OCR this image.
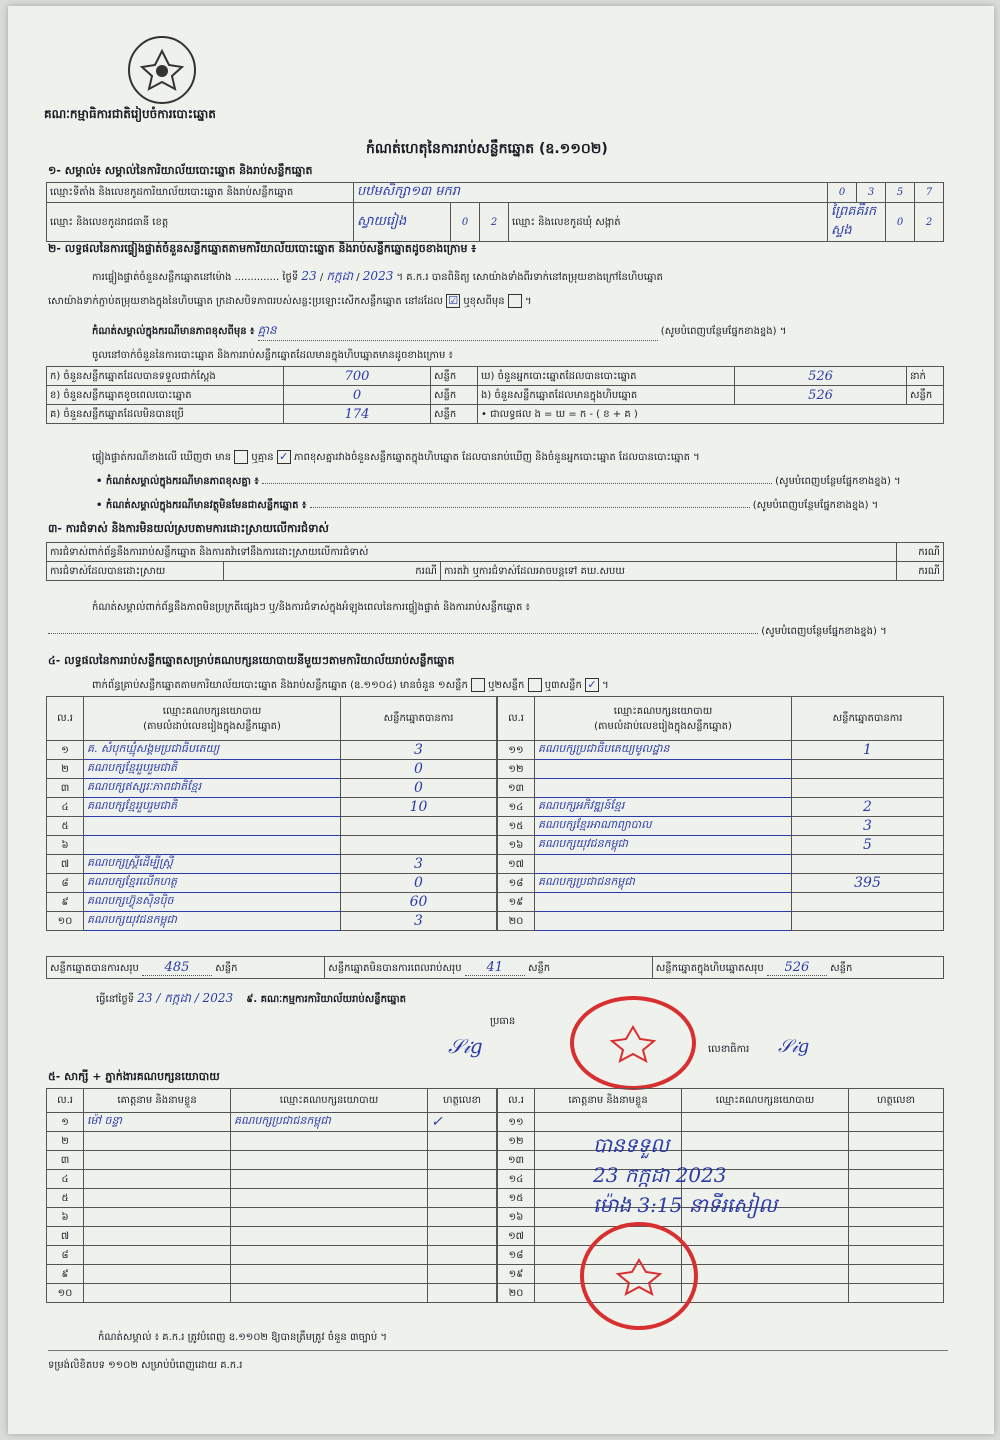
គណៈកម្មាធិការជាតិរៀបចំការបោះឆ្នោត
កំណត់ហេតុនៃការរាប់សន្លឹកឆ្នោត (ឧ.១១០២)
១- សម្គាល់៖ សម្គាល់នៃការិយាល័យបោះឆ្នោត និងរាប់សន្លឹកឆ្នោត
ឈ្មោះទីតាំង និងលេខកូដការិយាល័យបោះឆ្នោត និងរាប់សន្លឹកឆ្នោត	បឋមសិក្សា១៣ មករា				0	3	5	7
ឈ្មោះ និងលេខកូដរាជធានី ខេត្ត	ស្វាយរៀង	0	2	ឈ្មោះ និងលេខកូដឃុំ សង្កាត់	ព្រៃគគីរកស្ទង		0	2
២- លទ្ធផលនៃការផ្ទៀងផ្ទាត់ចំនួនសន្លឹកឆ្នោតតាមការិយាល័យបោះឆ្នោត និងរាប់សន្លឹកឆ្នោតដូចខាងក្រោម ៖
ការផ្ទៀងផ្ទាត់ចំនួនសន្លឹកឆ្នោតនៅម៉ោង .............. ថ្ងៃទី 23 / កក្កដា / 2023 ។ គ.ក.រ បានពិនិត្យ សោយ៉ាងទាំងពីរទាក់នៅតម្រុយខាងក្រៅនៃហិបឆ្នោត
សោយ៉ាងទាក់ភ្ជាប់តម្រុយខាងក្នុងនៃហិបឆ្នោត ក្រដាសបិទភាពរបស់សន្លះប្រឡោះសើកសន្លឹកឆ្នោត នៅដដែល ☑ ឬខុសពីមុន  ។
កំណត់សម្គាល់ក្នុងករណីមានភាពខុសពីមុន ៖ គ្មាន	(សូមបំពេញបន្ថែមផ្នែកខាងខ្នង) ។
ចូលនៅចាក់ចំនួននៃការបោះឆ្នោត និងការរាប់សន្លឹកឆ្នោតដែលមានក្នុងហិបឆ្នោតមានដូចខាងក្រោម ៖
ក) ចំនួនសន្លឹកឆ្នោតដែលបានទទួលជាក់ស្តែង	700	សន្លឹក	ឃ) ចំនួនអ្នកបោះឆ្នោតដែលបានបោះឆ្នោត	526	នាក់
ខ) ចំនួនសន្លឹកឆ្នោតខូចពេលបោះឆ្នោត	0	សន្លឹក	ង) ចំនួនសន្លឹកឆ្នោតដែលមានក្នុងហិបឆ្នោត	526	សន្លឹក
គ) ចំនួនសន្លឹកឆ្នោតដែលមិនបានប្រើ	174	សន្លឹក	• ជាលទ្ធផល ង = ឃ = ក - ( ខ + គ )		
ផ្ទៀងផ្ទាត់ករណីខាងលើ ឃើញថា មាន ឬគ្មាន ✓ ភាពខុសគ្នារវាងចំនួនសន្លឹកឆ្នោតក្នុងហិបឆ្នោត ដែលបានរាប់ឃើញ និងចំនួនអ្នកបោះឆ្នោត ដែលបានបោះឆ្នោត ។
• កំណត់សម្គាល់ក្នុងករណីមានភាពខុសគ្នា ៖	(សូមបំពេញបន្ថែមផ្នែកខាងខ្នង) ។
• កំណត់សម្គាល់ក្នុងករណីមានវត្ថុមិនមែនជាសន្លឹកឆ្នោត ៖	(សូមបំពេញបន្ថែមផ្នែកខាងខ្នង) ។
៣- ការជំទាស់ និងការមិនយល់ស្របតាមការដោះស្រាយលើការជំទាស់
ការជំទាស់ពាក់ព័ន្ធនឹងការរាប់សន្លឹកឆ្នោត និងការតវ៉ាទៅនឹងការដោះស្រាយលើការជំទាស់			ករណី
ការជំទាស់ដែលបានដោះស្រាយ	ករណី	ការតវ៉ា ឬការជំទាស់ដែលអាចបន្តទៅ គឃ.សបឃ	ករណី
កំណត់សម្គាល់ពាក់ព័ន្ធនឹងភាពមិនប្រក្រតីផ្សេងៗ ឬ/និងការជំទាស់ក្នុងអំឡុងពេលនៃការផ្ទៀងផ្ទាត់ និងការរាប់សន្លឹកឆ្នោត ៖
(សូមបំពេញបន្ថែមផ្នែកខាងខ្នង) ។
៤- លទ្ធផលនៃការរាប់សន្លឹកឆ្នោតសម្រាប់គណបក្សនយោបាយនីមួយៗតាមការិយាល័យរាប់សន្លឹកឆ្នោត
ពាក់ព័ន្ធគ្រាប់សន្លឹកឆ្នោតតាមការិយាល័យបោះឆ្នោត និងរាប់សន្លឹកឆ្នោត (ឧ.១១០៤) មានចំនួន ១សន្លឹក ឬ២សន្លឹក ឬ៣សន្លឹក ✓ ។
ល.រ	ឈ្មោះគណបក្សនយោបាយ
(តាមលំដាប់លេខរៀងក្នុងសន្លឹកឆ្នោត)	សន្លឹកឆ្នោតបានការ
១	គ. សំបុកឃ្មុំសង្គមប្រជាធិបតេយ្យ	3
២	គណបក្សខ្មែររួបរួមជាតិ	0
៣	គណបក្សឥស្សរៈភាពជាតិខ្មែរ	0
៤	គណបក្សខ្មែររួបរួមជាតិ	10
៥		
៦		
៧	គណបក្សស្ត្រីដើម្បីស្ត្រី	3
៨	គណបក្សខ្មែរលើកហត្ថ	0
៩	គណបក្សហ៊្វុនស៊ិនប៉ិច	60
១០	គណបក្សយុវជនកម្ពុជា	3
ល.រ	ឈ្មោះគណបក្សនយោបាយ
(តាមលំដាប់លេខរៀងក្នុងសន្លឹកឆ្នោត)	សន្លឹកឆ្នោតបានការ
១១	គណបក្សប្រជាធិបតេយ្យមូលដ្ឋាន	1
១២		
១៣		
១៤	គណបក្សអភិវឌ្ឍន៍ខ្មែរ	2
១៥	គណបក្សខ្មែរអាណាព្យាបាល	3
១៦	គណបក្សយុវជនកម្ពុជា	5
១៧		
១៨	គណបក្សប្រជាជនកម្ពុជា	395
១៩		
២០		
សន្លឹកឆ្នោតបានការសរុប 485	សន្លឹក	សន្លឹកឆ្នោតមិនបានការពេលរាប់សរុប 41 សន្លឹក	សន្លឹកឆ្នោតក្នុងហិបឆ្នោតសរុប 526 សន្លឹក
ធ្វើនៅថ្ងៃទី 23 / កក្កដា / 2023 ៩. គណៈកម្មការការិយាល័យរាប់សន្លឹកឆ្នោត
ប្រធាន
𝒮𝒾𝑔	លេខាធិការ 𝒮𝒾𝑔
៥- សាក្សី + ភ្នាក់ងារគណបក្សនយោបាយ
ល.រ	គោត្តនាម និងនាមខ្លួន	ឈ្មោះគណបក្សនយោបាយ	ហត្ថលេខា
១	ម៉ៅ ចន្ទា	គណបក្សប្រជាជនកម្ពុជា	✓
២			
៣			
៤			
៥			
៦			
៧			
៨			
៩			
១០			
ល.រ	គោត្តនាម និងនាមខ្លួន	ឈ្មោះគណបក្សនយោបាយ	ហត្ថលេខា
១១			
១២			
១៣			
១៤			
១៥			
១៦			
១៧			
១៨			
១៩			
២០			
បានទទួល
23 កក្កដា 2023
ម៉ោង 3:15 នាទីរសៀល
កំណត់សម្គាល់ ៖ គ.ក.រ ត្រូវបំពេញ ឧ.១១០២ ឱ្យបានត្រឹមត្រូវ ចំនួន ៣ច្បាប់ ។
ទម្រង់លិខិតបទ ១១០២ សម្រាប់បំពេញដោយ គ.ក.រ
